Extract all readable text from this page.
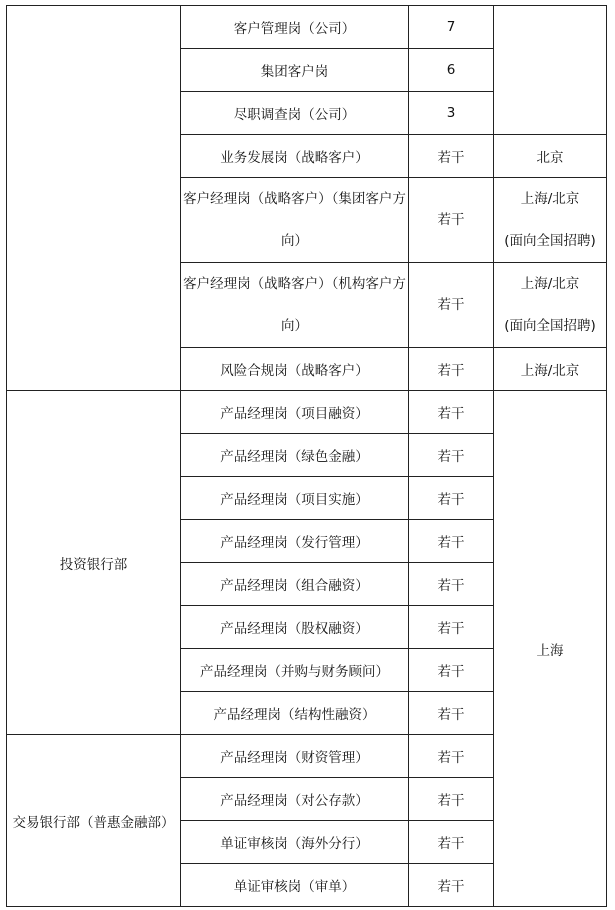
	客户管理岗（公司）	7	
	集团客户岗	6	
	尽职调查岗（公司）	3	
	业务发展岗（战略客户）	若干	北京
	客户经理岗（战略客户）（集团客户方向）	若干	上海/北京
(面向全国招聘)

	客户经理岗（战略客户）（机构客户方向）	若干	上海/北京
(面向全国招聘)

	风险合规岗（战略客户）	若干	上海/北京
投资银行部	产品经理岗（项目融资）	若干	上海
	产品经理岗（绿色金融）	若干	
	产品经理岗（项目实施）	若干	
	产品经理岗（发行管理）	若干	
	产品经理岗（组合融资）	若干	
	产品经理岗（股权融资）	若干	
	产品经理岗（并购与财务顾问）	若干	
	产品经理岗（结构性融资）	若干	
交易银行部（普惠金融部）	产品经理岗（财资管理）	若干	
	产品经理岗（对公存款）	若干	
	单证审核岗（海外分行）	若干	
	单证审核岗（审单）	若干	
